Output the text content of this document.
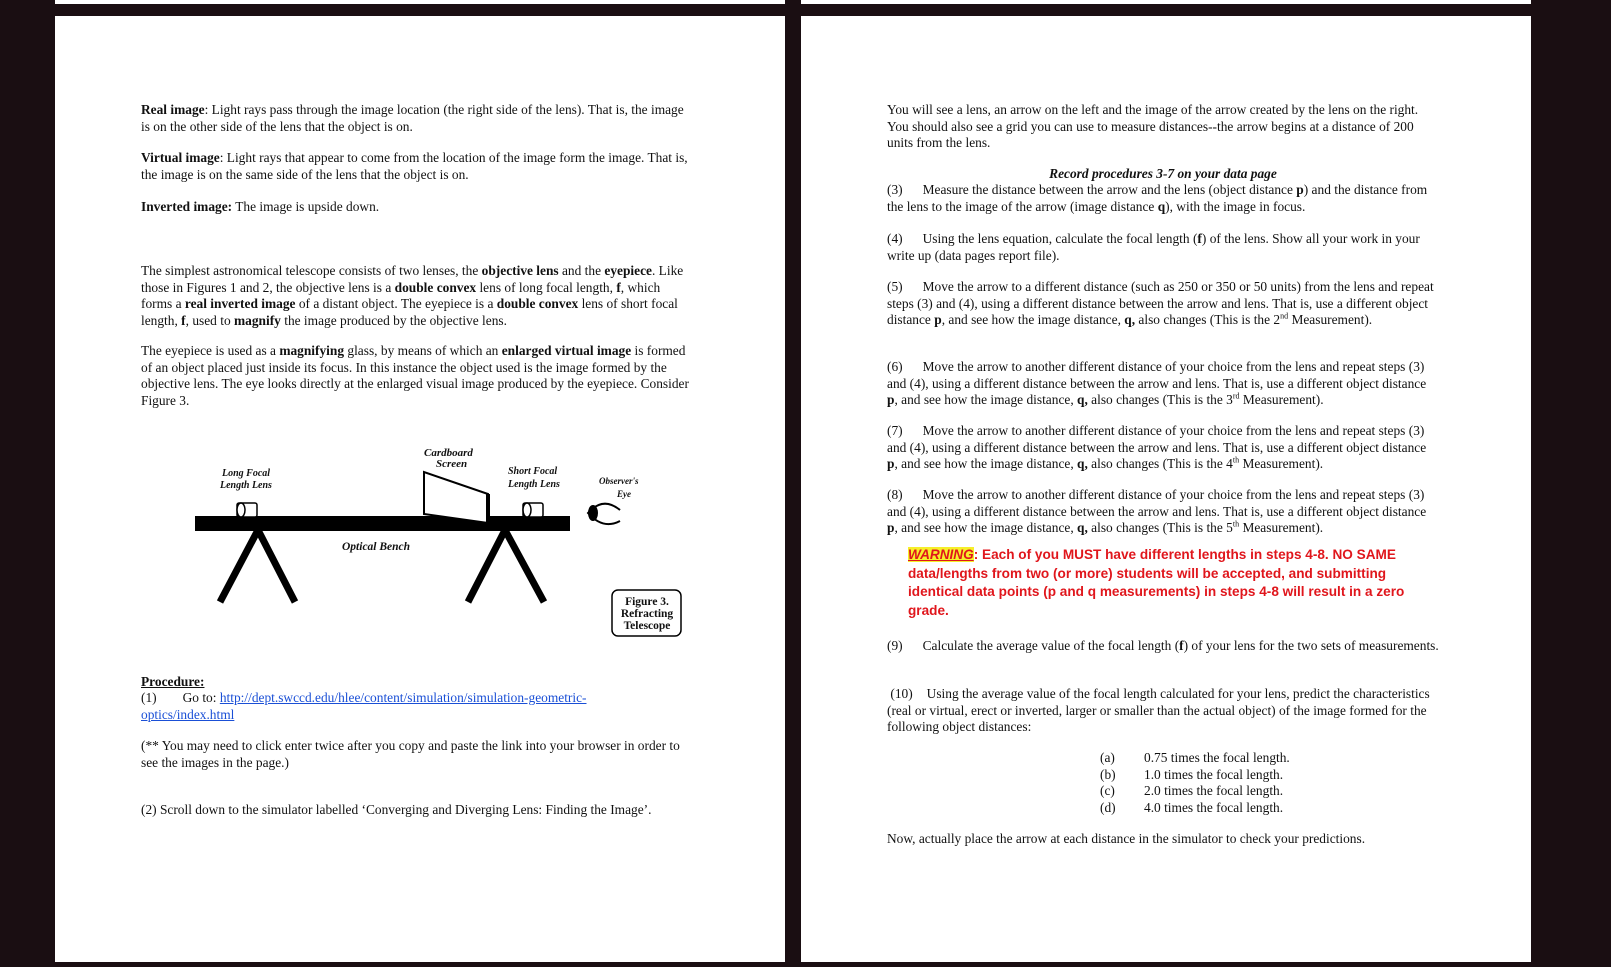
Real image: Light rays pass through the image location (the right side of the lens). That is, the image is on the other side of the lens that the object is on.

Virtual image: Light rays that appear to come from the location of the image form the image. That is, the image is on the same side of the lens that the object is on.

Inverted image: The image is upside down.

The simplest astronomical telescope consists of two lenses, the objective lens and the eyepiece. Like those in Figures 1 and 2, the objective lens is a double convex lens of long focal length, f, which forms a real inverted image of a distant object. The eyepiece is a double convex lens of short focal length, f, used to magnify the image produced by the objective lens.

The eyepiece is used as a magnifying glass, by means of which an enlarged virtual image is formed of an object placed just inside its focus. In this instance the object used is the image formed by the objective lens. The eye looks directly at the enlarged visual image produced by the eyepiece. Consider Figure 3.

Long Focal
Length Lens
Cardboard
Screen
Short Focal
Length Lens	Observer's
Eye
Optical Bench
Figure 3.
Refracting
Telescope

Procedure:

(1) Go to: http://dept.swccd.edu/hlee/content/simulation/simulation-geometric-optics/index.html

(** You may need to click enter twice after you copy and paste the link into your browser in order to see the images in the page.)

(2) Scroll down to the simulator labelled ‘Converging and Diverging Lens: Finding the Image’.

You will see a lens, an arrow on the left and the image of the arrow created by the lens on the right. You should also see a grid you can use to measure distances--the arrow begins at a distance of 200 units from the lens.

Record procedures 3-7 on your data page

(3) Measure the distance between the arrow and the lens (object distance p) and the distance from the lens to the image of the arrow (image distance q), with the image in focus.

(4) Using the lens equation, calculate the focal length (f) of the lens. Show all your work in your write up (data pages report file).

(5) Move the arrow to a different distance (such as 250 or 350 or 50 units) from the lens and repeat steps (3) and (4), using a different distance between the arrow and lens. That is, use a different object distance p, and see how the image distance, q, also changes (This is the 2nd Measurement).

(6) Move the arrow to another different distance of your choice from the lens and repeat steps (3) and (4), using a different distance between the arrow and lens. That is, use a different object distance p, and see how the image distance, q, also changes (This is the 3rd Measurement).

(7) Move the arrow to another different distance of your choice from the lens and repeat steps (3) and (4), using a different distance between the arrow and lens. That is, use a different object distance p, and see how the image distance, q, also changes (This is the 4th Measurement).

(8) Move the arrow to another different distance of your choice from the lens and repeat steps (3) and (4), using a different distance between the arrow and lens. That is, use a different object distance p, and see how the image distance, q, also changes (This is the 5th Measurement).

WARNING: Each of you MUST have different lengths in steps 4-8. NO SAME data/lengths from two (or more) students will be accepted, and submitting identical data points (p and q measurements) in steps 4-8 will result in a zero grade.

(9) Calculate the average value of the focal length (f) of your lens for the two sets of measurements.

(10) Using the average value of the focal length calculated for your lens, predict the characteristics (real or virtual, erect or inverted, larger or smaller than the actual object) of the image formed for the following object distances:

(a) 0.75 times the focal length.
(b) 1.0 times the focal length.
(c) 2.0 times the focal length.
(d) 4.0 times the focal length.

Now, actually place the arrow at each distance in the simulator to check your predictions.
